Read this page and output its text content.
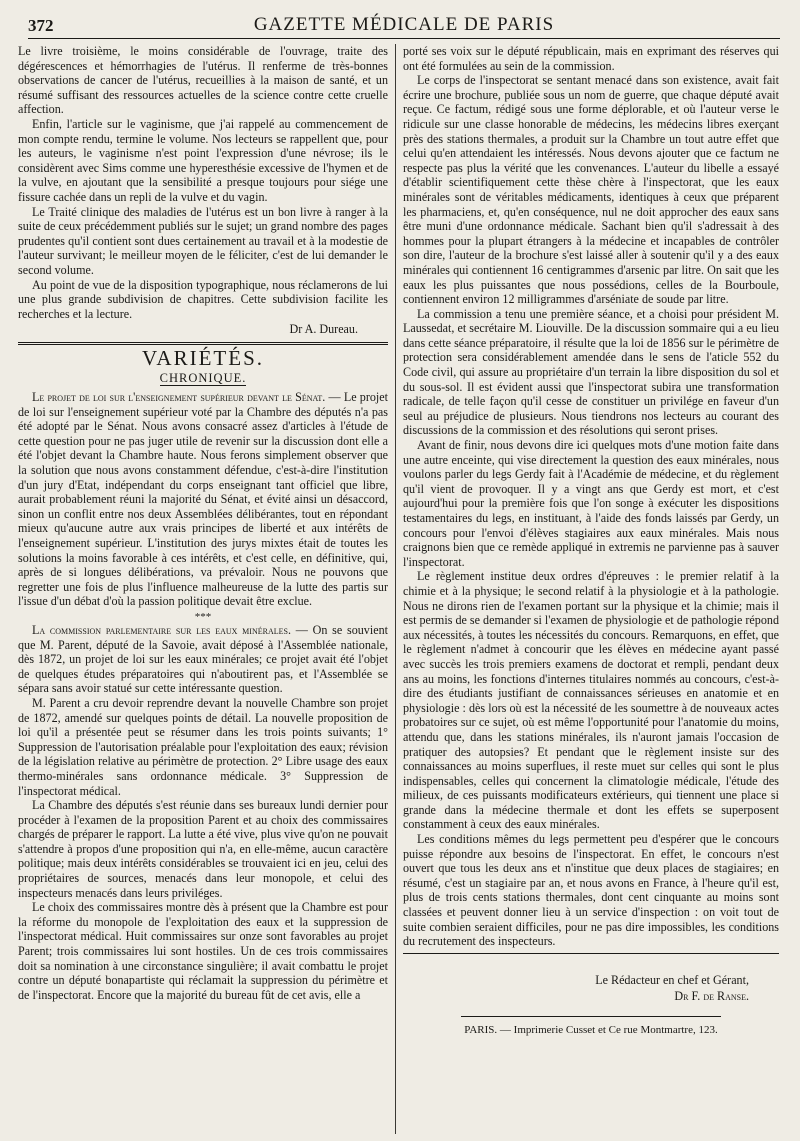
372	GAZETTE MÉDICALE DE PARIS

Le livre troisième, le moins considérable de l'ouvrage, traite des dégérescences et hémorrhagies de l'utérus. Il renferme de très-bonnes observations de cancer de l'utérus, recueillies à la maison de santé, et un résumé suffisant des ressources actuelles de la science contre cette cruelle affection.

Enfin, l'article sur le vaginisme, que j'ai rappelé au commencement de mon compte rendu, termine le volume. Nos lecteurs se rappellent que, pour les auteurs, le vaginisme n'est point l'expression d'une névrose; ils le considèrent avec Sims comme une hyperesthésie excessive de l'hymen et de la vulve, en ajoutant que la sensibilité a presque toujours pour siége une fissure cachée dans un repli de la vulve et du vagin.

Le Traité clinique des maladies de l'utérus est un bon livre à ranger à la suite de ceux précédemment publiés sur le sujet; un grand nombre des pages prudentes qu'il contient sont dues certainement au travail et à la modestie de l'auteur survivant; le meilleur moyen de le féliciter, c'est de lui demander le second volume.

Au point de vue de la disposition typographique, nous réclamerons de lui une plus grande subdivision de chapitres. Cette subdivision facilite les recherches et la lecture.

Dr A. Dureau.
VARIÉTÉS.
CHRONIQUE.

Le projet de loi sur l'enseignement supérieur devant le Sénat. — Le projet de loi sur l'enseignement supérieur voté par la Chambre des députés n'a pas été adopté par le Sénat. Nous avons consacré assez d'articles à l'étude de cette question pour ne pas juger utile de revenir sur la discussion dont elle a été l'objet devant la Chambre haute. Nous ferons simplement observer que la solution que nous avons constamment défendue, c'est-à-dire l'institution d'un jury d'Etat, indépendant du corps enseignant tant officiel que libre, aurait probablement réuni la majorité du Sénat, et évité ainsi un désaccord, sinon un conflit entre nos deux Assemblées délibérantes, tout en répondant mieux qu'aucune autre aux vrais principes de liberté et aux intérêts de l'enseignement supérieur. L'institution des jurys mixtes était de toutes les solutions la moins favorable à ces intérêts, et c'est celle, en définitive, qui, après de si longues délibérations, va prévaloir. Nous ne pouvons que regretter une fois de plus l'influence malheureuse de la lutte des partis sur l'issue d'un débat d'où la passion politique devait être exclue.

***

La commission parlementaire sur les eaux minérales. — On se souvient que M. Parent, député de la Savoie, avait déposé à l'Assemblée nationale, dès 1872, un projet de loi sur les eaux minérales; ce projet avait été l'objet de quelques études préparatoires qui n'aboutirent pas, et l'Assemblée se sépara sans avoir statué sur cette intéressante question.

M. Parent a cru devoir reprendre devant la nouvelle Chambre son projet de 1872, amendé sur quelques points de détail. La nouvelle proposition de loi qu'il a présentée peut se résumer dans les trois points suivants; 1° Suppression de l'autorisation préalable pour l'exploitation des eaux; révision de la législation relative au périmètre de protection. 2° Libre usage des eaux thermo-minérales sans ordonnance médicale. 3° Suppression de l'inspectorat médical.

La Chambre des députés s'est réunie dans ses bureaux lundi dernier pour procéder à l'examen de la proposition Parent et au choix des commissaires chargés de préparer le rapport. La lutte a été vive, plus vive qu'on ne pouvait s'attendre à propos d'une proposition qui n'a, en elle-même, aucun caractère politique; mais deux intérêts considérables se trouvaient ici en jeu, celui des propriétaires de sources, menacés dans leur monopole, et celui des inspecteurs menacés dans leurs priviléges.

Le choix des commissaires montre dès à présent que la Chambre est pour la réforme du monopole de l'exploitation des eaux et la suppression de l'inspectorat médical. Huit commissaires sur onze sont favorables au projet Parent; trois commissaires lui sont hostiles. Un de ces trois commissaires doit sa nomination à une circonstance singulière; il avait combattu le projet contre un député bonapartiste qui réclamait la suppression du périmètre et de l'inspectorat. Encore que la majorité du bureau fût de cet avis, elle a

porté ses voix sur le député républicain, mais en exprimant des réserves qui ont été formulées au sein de la commission.

Le corps de l'inspectorat se sentant menacé dans son existence, avait fait écrire une brochure, publiée sous un nom de guerre, que chaque député avait reçue. Ce factum, rédigé sous une forme déplorable, et où l'auteur verse le ridicule sur une classe honorable de médecins, les médecins libres exerçant près des stations thermales, a produit sur la Chambre un tout autre effet que celui qu'en attendaient les intéressés. Nous devons ajouter que ce factum ne respecte pas plus la vérité que les convenances. L'auteur du libelle a essayé d'établir scientifiquement cette thèse chère à l'inspectorat, que les eaux minérales sont de véritables médicaments, identiques à ceux que préparent les pharmaciens, et, qu'en conséquence, nul ne doit approcher des eaux sans être muni d'une ordonnance médicale. Sachant bien qu'il s'adressait à des hommes pour la plupart étrangers à la médecine et incapables de contrôler son dire, l'auteur de la brochure s'est laissé aller à soutenir qu'il y a des eaux minérales qui contiennent 16 centigrammes d'arsenic par litre. On sait que les eaux les plus puissantes que nous possédions, celles de la Bourboule, contiennent environ 12 milligrammes d'arséniate de soude par litre.

La commission a tenu une première séance, et a choisi pour président M. Laussedat, et secrétaire M. Liouville. De la discussion sommaire qui a eu lieu dans cette séance préparatoire, il résulte que la loi de 1856 sur le périmètre de protection sera considérablement amendée dans le sens de l'aticle 552 du Code civil, qui assure au propriétaire d'un terrain la libre disposition du sol et du sous-sol. Il est évident aussi que l'inspectorat subira une transformation radicale, de telle façon qu'il cesse de constituer un privilége en faveur d'un seul au préjudice de plusieurs. Nous tiendrons nos lecteurs au courant des discussions de la commission et des résolutions qui seront prises.

Avant de finir, nous devons dire ici quelques mots d'une motion faite dans une autre enceinte, qui vise directement la question des eaux minérales, nous voulons parler du legs Gerdy fait à l'Académie de médecine, et du règlement qu'il vient de provoquer. Il y a vingt ans que Gerdy est mort, et c'est aujourd'hui pour la première fois que l'on songe à exécuter les dispositions testamentaires du legs, en instituant, à l'aide des fonds laissés par Gerdy, un concours pour l'envoi d'élèves stagiaires aux eaux minérales. Mais nous craignons bien que ce remède appliqué in extremis ne parvienne pas à sauver l'inspectorat.

Le règlement institue deux ordres d'épreuves : le premier relatif à la chimie et à la physique; le second relatif à la physiologie et à la pathologie. Nous ne dirons rien de l'examen portant sur la physique et la chimie; mais il est permis de se demander si l'examen de physiologie et de pathologie répond aux nécessités, à toutes les nécessités du concours. Remarquons, en effet, que le règlement n'admet à concourir que les élèves en médecine ayant passé avec succès les trois premiers examens de doctorat et rempli, pendant deux ans au moins, les fonctions d'internes titulaires nommés au concours, c'est-à-dire des étudiants justifiant de connaissances sérieuses en anatomie et en physiologie : dès lors où est la nécessité de les soumettre à de nouveaux actes probatoires sur ce sujet, où est même l'opportunité pour l'anatomie du moins, attendu que, dans les stations minérales, ils n'auront jamais l'occasion de pratiquer des autopsies? Et pendant que le règlement insiste sur des connaissances au moins superflues, il reste muet sur celles qui sont le plus indispensables, celles qui concernent la climatologie médicale, l'étude des milieux, de ces puissants modificateurs extérieurs, qui tiennent une place si grande dans la médecine thermale et dont les effets se superposent constamment à ceux des eaux minérales.

Les conditions mêmes du legs permettent peu d'espérer que le concours puisse répondre aux besoins de l'inspectorat. En effet, le concours n'est ouvert que tous les deux ans et n'institue que deux places de stagiaires; en résumé, c'est un stagiaire par an, et nous avons en France, à l'heure qu'il est, plus de trois cents stations thermales, dont cent cinquante au moins sont classées et peuvent donner lieu à un service d'inspection : on voit tout de suite combien seraient difficiles, pour ne pas dire impossibles, les conditions du recrutement des inspecteurs.

Le Rédacteur en chef et Gérant,
Dr F. de Ranse.
PARIS. — Imprimerie Cusset et Ce rue Montmartre, 123.
